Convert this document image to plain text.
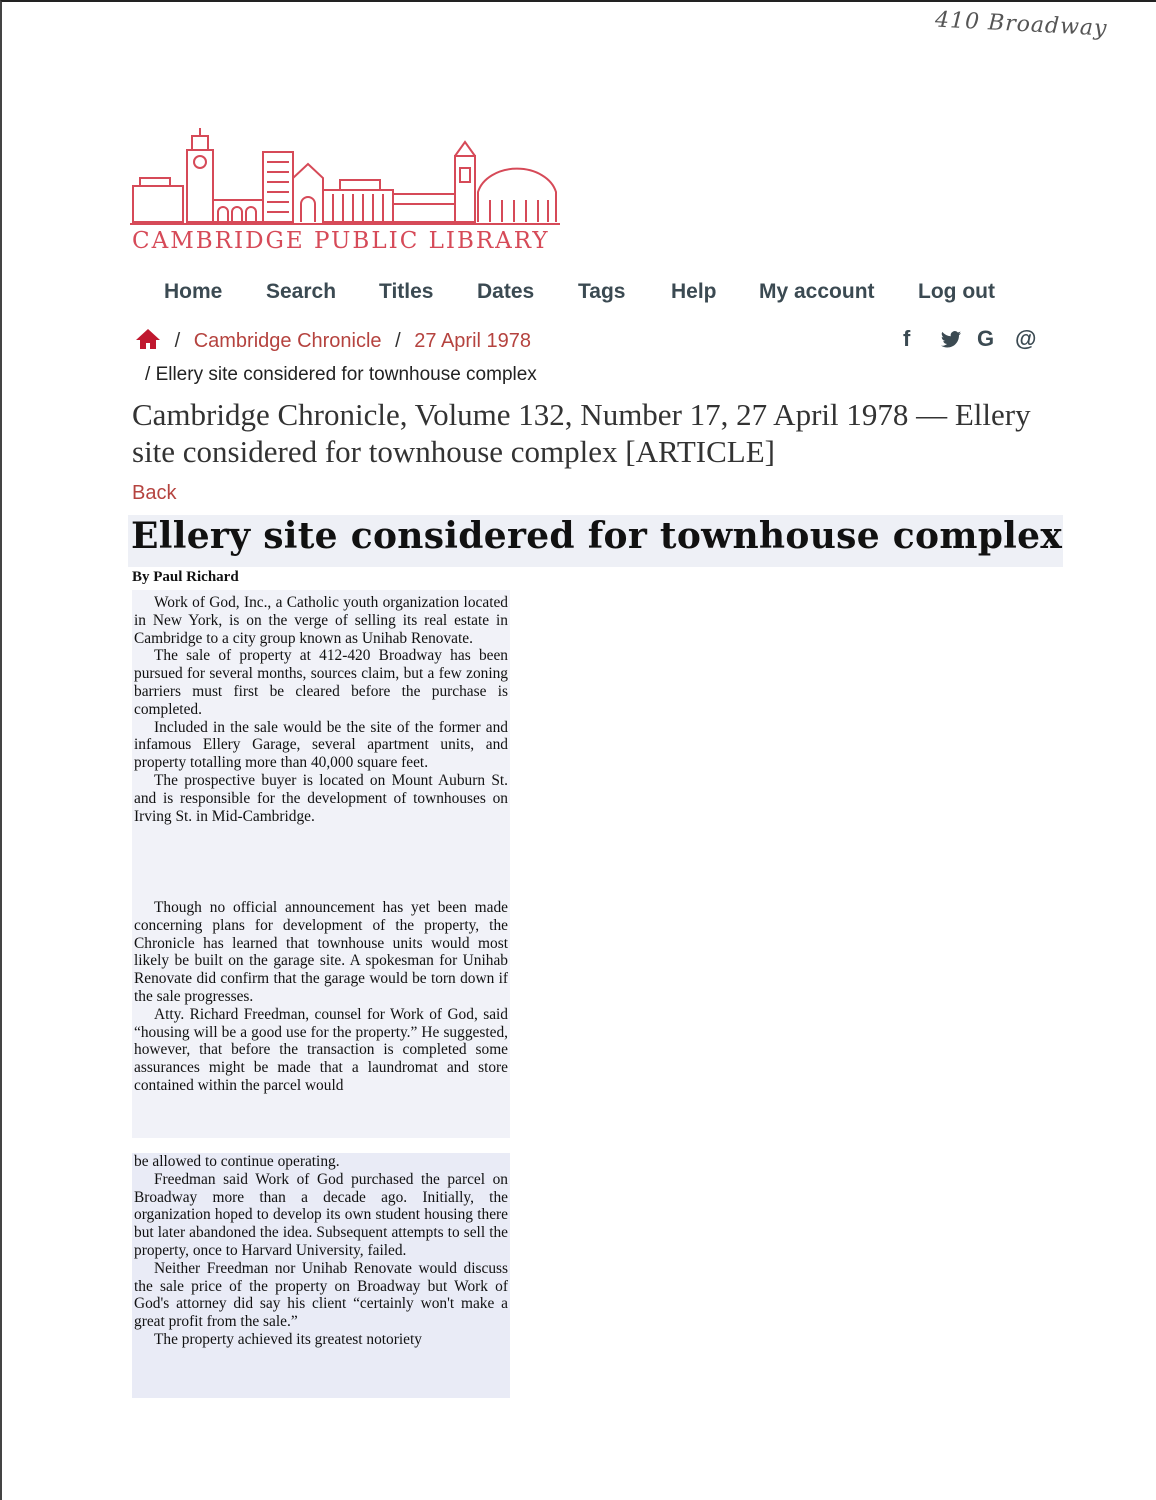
410 Broadway
CAMBRIDGE PUBLIC LIBRARY
Home Search Titles Dates Tags Help My account Log out
/ Cambridge Chronicle / 27 April 1978
/ Ellery site considered for townhouse complex
f	G @
Cambridge Chronicle, Volume 132, Number 17, 27 April 1978 — Ellery site considered for townhouse complex [ARTICLE]
Back
Ellery site considered for townhouse complex
By Paul Richard

Work of God, Inc., a Catholic youth organization located in New York, is on the verge of selling its real estate in Cambridge to a city group known as Unihab Renovate.

The sale of property at 412-420 Broadway has been pursued for several months, sources claim, but a few zoning barriers must first be cleared before the purchase is completed.

Included in the sale would be the site of the former and infamous Ellery Garage, several apartment units, and property totalling more than 40,000 square feet.

The prospective buyer is located on Mount Auburn St. and is responsible for the development of townhouses on Irving St. in Mid-Cambridge.

Though no official announcement has yet been made concerning plans for development of the property, the Chronicle has learned that townhouse units would most likely be built on the garage site. A spokesman for Unihab Renovate did confirm that the garage would be torn down if the sale progresses.

Atty. Richard Freedman, counsel for Work of God, said “housing will be a good use for the property.” He suggested, however, that before the transaction is completed some assurances might be made that a laundromat and store contained within the parcel would

be allowed to continue operating.

Freedman said Work of God purchased the parcel on Broadway more than a decade ago. Initially, the organization hoped to develop its own student housing there but later abandoned the idea. Subsequent attempts to sell the property, once to Harvard University, failed.

Neither Freedman nor Unihab Renovate would discuss the sale price of the property on Broadway but Work of God's attorney did say his client “certainly won't make a great profit from the sale.”

The property achieved its greatest notoriety
